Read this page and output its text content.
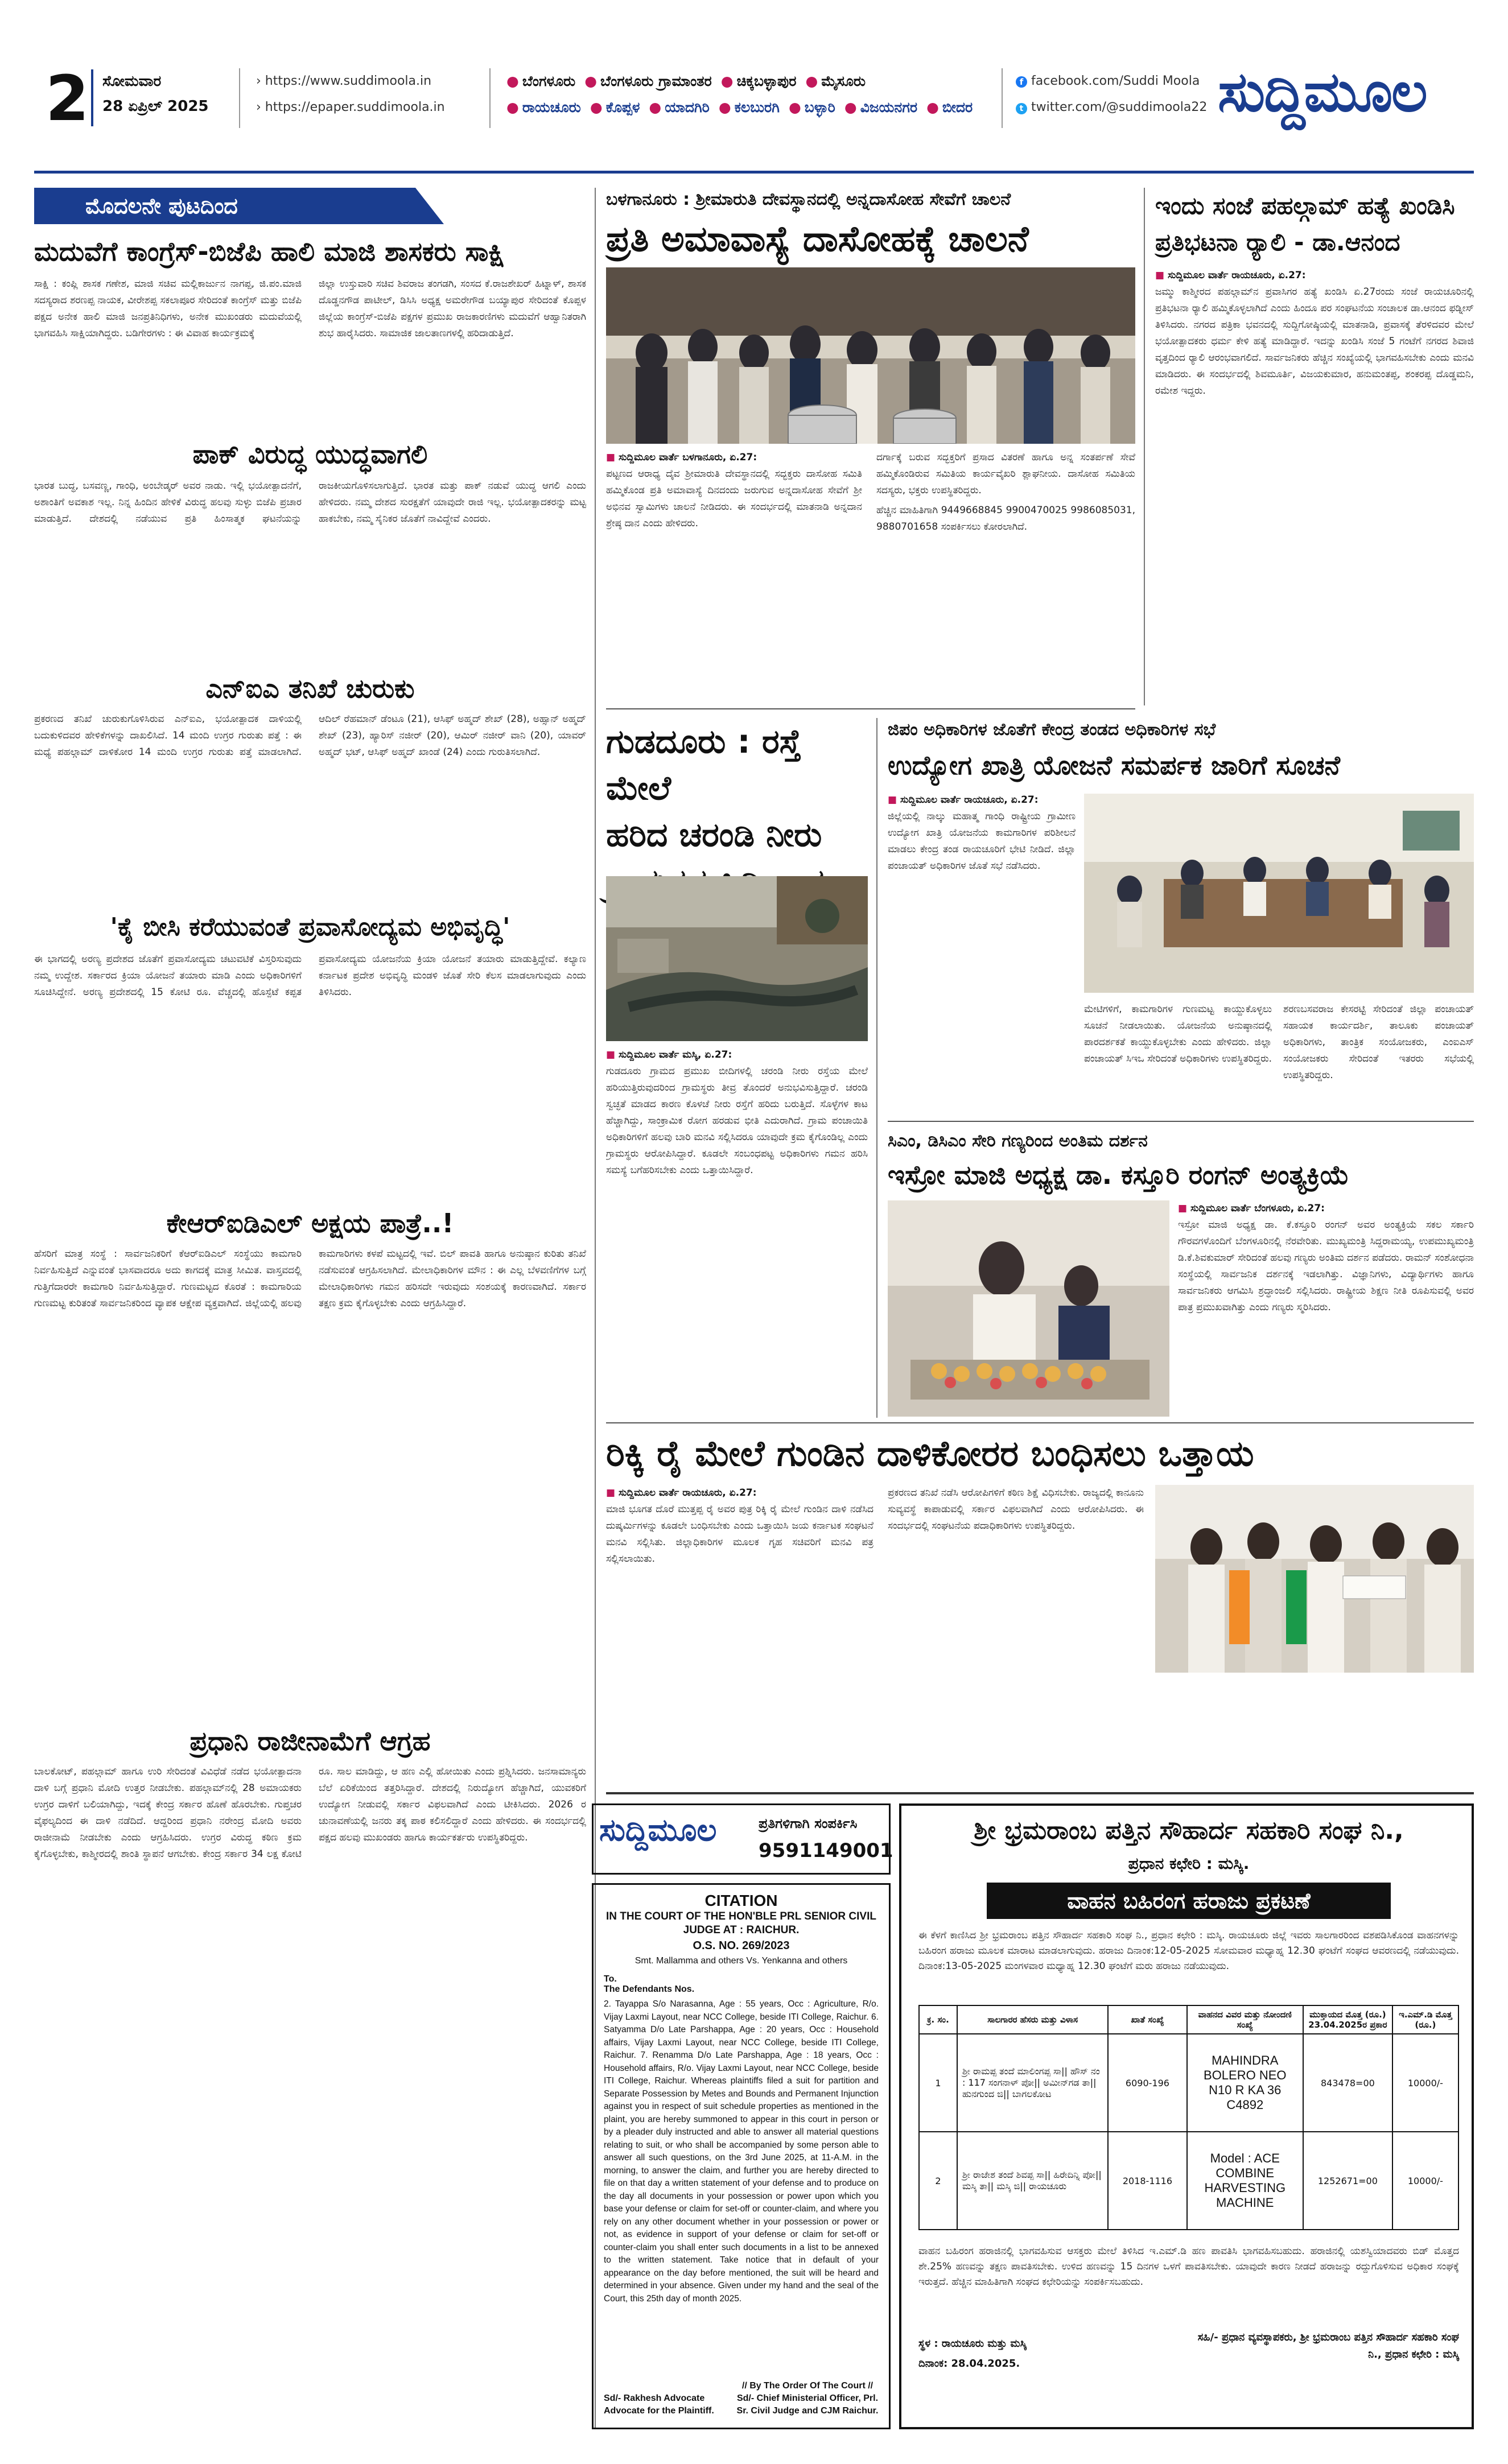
2 ಸೋಮವಾರ
28 ಏಪ್ರಿಲ್ 2025
› https://www.suddimoola.in
› https://epaper.suddimoola.in
● ಬೆಂಗಳೂರು ● ಬೆಂಗಳೂರು ಗ್ರಾಮಾಂತರ ● ಚಿಕ್ಕಬಳ್ಳಾಪುರ ● ಮೈಸೂರು
● ರಾಯಚೂರು ● ಕೊಪ್ಪಳ ● ಯಾದಗಿರಿ ● ಕಲಬುರಗಿ ● ಬಳ್ಳಾರಿ ● ವಿಜಯನಗರ ● ಬೀದರ
f facebook.com/Suddi Moola
t twitter.com/@suddimoola22 ಸುದ್ದಿಮೂಲ
ಮೊದಲನೇ ಪುಟದಿಂದ
ಮದುವೆಗೆ ಕಾಂಗ್ರೆಸ್-ಬಿಜೆಪಿ ಹಾಲಿ ಮಾಜಿ ಶಾಸಕರು ಸಾಕ್ಷಿ
ಸಾಕ್ಷಿ : ಕಂಪ್ಲಿ ಶಾಸಕ ಗಣೇಶ, ಮಾಜಿ ಸಚಿವ ಮಲ್ಲಿಕಾರ್ಜುನ ನಾಗಪ್ಪ, ಜಿ.ಪಂ.ಮಾಜಿ ಸದಸ್ಯರಾದ ಶರಣಪ್ಪ ನಾಯಕ, ವೀರೇಶಪ್ಪ ಸಕಲಾಪೂರ ಸೇರಿದಂತೆ ಕಾಂಗ್ರೆಸ್ ಮತ್ತು ಬಿಜೆಪಿ ಪಕ್ಷದ ಅನೇಕ ಹಾಲಿ ಮಾಜಿ ಜನಪ್ರತಿನಿಧಿಗಳು, ಅನೇಕ ಮುಖಂಡರು ಮದುವೆಯಲ್ಲಿ ಭಾಗವಹಿಸಿ ಸಾಕ್ಷಿಯಾಗಿದ್ದರು. ಬಡಿಗೇರಗಳು : ಈ ವಿವಾಹ ಕಾರ್ಯಕ್ರಮಕ್ಕೆ
ಜಿಲ್ಲಾ ಉಸ್ತುವಾರಿ ಸಚಿವ ಶಿವರಾಜ ತಂಗಡಗಿ, ಸಂಸದ ಕೆ.ರಾಜಶೇಖರ್ ಹಿಟ್ನಾಳ್, ಶಾಸಕ ದೊಡ್ಡನಗೌಡ ಪಾಟೀಲ್, ಡಿಸಿಸಿ ಅಧ್ಯಕ್ಷ ಅಮರೇಗೌಡ ಬಯ್ಯಾಪುರ ಸೇರಿದಂತೆ ಕೊಪ್ಪಳ ಜಿಲ್ಲೆಯ ಕಾಂಗ್ರೆಸ್-ಬಿಜೆಪಿ ಪಕ್ಷಗಳ ಪ್ರಮುಖ ರಾಜಕಾರಣಿಗಳು ಮದುವೆಗೆ ಆಹ್ವಾನಿತರಾಗಿ ಶುಭ ಹಾರೈಸಿದರು. ಸಾಮಾಜಿಕ ಜಾಲತಾಣಗಳಲ್ಲಿ ಹರಿದಾಡುತ್ತಿದೆ.
ಪಾಕ್ ವಿರುದ್ಧ ಯುದ್ಧವಾಗಲಿ
ಭಾರತ ಬುದ್ಧ, ಬಸವಣ್ಣ, ಗಾಂಧಿ, ಅಂಬೇಡ್ಕರ್ ಅವರ ನಾಡು. ಇಲ್ಲಿ ಭಯೋತ್ಪಾದನೆಗೆ, ಅಶಾಂತಿಗೆ ಅವಕಾಶ ಇಲ್ಲ. ನಿನ್ನ ಹಿಂದಿನ ಹೇಳಿಕೆ ವಿರುದ್ಧ ಹಲವು ಸುಳ್ಳು ಬಿಜೆಪಿ ಪ್ರಚಾರ ಮಾಡುತ್ತಿದೆ. ದೇಶದಲ್ಲಿ ನಡೆಯುವ ಪ್ರತಿ ಹಿಂಸಾತ್ಮಕ ಘಟನೆಯನ್ನು ರಾಜಕೀಯಗೊಳಿಸಲಾಗುತ್ತಿದೆ. ಭಾರತ ಮತ್ತು ಪಾಕ್ ನಡುವೆ ಯುದ್ಧ ಆಗಲಿ ಎಂದು ಹೇಳಿದರು. ನಮ್ಮ ದೇಶದ ಸುರಕ್ಷತೆಗೆ ಯಾವುದೇ ರಾಜಿ ಇಲ್ಲ. ಭಯೋತ್ಪಾದಕರನ್ನು ಮಟ್ಟ ಹಾಕಬೇಕು, ನಮ್ಮ ಸೈನಿಕರ ಜೊತೆಗೆ ನಾವಿದ್ದೇವೆ ಎಂದರು.
ಎನ್‌ಐಎ ತನಿಖೆ ಚುರುಕು
ಪ್ರಕರಣದ ತನಿಖೆ ಚುರುಕುಗೊಳಿಸಿರುವ ಎನ್‌ಐಎ, ಭಯೋತ್ಪಾದಕ ದಾಳಿಯಲ್ಲಿ ಬದುಕುಳಿದವರ ಹೇಳಿಕೆಗಳನ್ನು ದಾಖಲಿಸಿದೆ. 14 ಮಂದಿ ಉಗ್ರರ ಗುರುತು ಪತ್ತೆ : ಈ ಮಧ್ಯೆ ಪಹಲ್ಗಾಮ್ ದಾಳಿಕೋರ 14 ಮಂದಿ ಉಗ್ರರ ಗುರುತು ಪತ್ತೆ ಮಾಡಲಾಗಿದೆ. ಆದಿಲ್ ರೆಹಮಾನ್ ಡೆಂಟೂ (21), ಆಸಿಫ್ ಅಹ್ಮದ್ ಶೇಖ್ (28), ಅಹ್ಸಾನ್ ಅಹ್ಮದ್ ಶೇಖ್ (23), ಹ್ಯಾರಿಸ್ ನಜೀರ್ (20), ಆಮಿರ್ ನಜೀರ್ ವಾನಿ (20), ಯಾವರ್ ಅಹ್ಮದ್ ಭಟ್, ಆಸಿಫ್ ಅಹ್ಮದ್ ಖಾಂಡೆ (24) ಎಂದು ಗುರುತಿಸಲಾಗಿದೆ.
'ಕೈ ಬೀಸಿ ಕರೆಯುವಂತೆ ಪ್ರವಾಸೋದ್ಯಮ ಅಭಿವೃದ್ಧಿ'
ಈ ಭಾಗದಲ್ಲಿ ಅರಣ್ಯ ಪ್ರದೇಶದ ಜೊತೆಗೆ ಪ್ರವಾಸೋದ್ಯಮ ಚಟುವಟಿಕೆ ವಿಸ್ತರಿಸುವುದು ನಮ್ಮ ಉದ್ದೇಶ. ಸರ್ಕಾರದ ಕ್ರಿಯಾ ಯೋಜನೆ ತಯಾರು ಮಾಡಿ ಎಂದು ಅಧಿಕಾರಿಗಳಿಗೆ ಸೂಚಿಸಿದ್ದೇನೆ. ಅರಣ್ಯ ಪ್ರದೇಶದಲ್ಲಿ 15 ಕೋಟಿ ರೂ. ವೆಚ್ಚದಲ್ಲಿ ಹೊಸ್ಪೆಟೆ ಕಪ್ಪತ ಪ್ರವಾಸೋದ್ಯಮ ಯೋಜನೆಯ ಕ್ರಿಯಾ ಯೋಜನೆ ತಯಾರು ಮಾಡುತ್ತಿದ್ದೇವೆ. ಕಲ್ಯಾಣ ಕರ್ನಾಟಕ ಪ್ರದೇಶ ಅಭಿವೃದ್ಧಿ ಮಂಡಳಿ ಜೊತೆ ಸೇರಿ ಕೆಲಸ ಮಾಡಲಾಗುವುದು ಎಂದು ತಿಳಿಸಿದರು.
ಕೇಆರ್‌ಐಡಿಎಲ್ ಅಕ್ಷಯ ಪಾತ್ರೆ..!
ಹೆಸರಿಗೆ ಮಾತ್ರ ಸಂಸ್ಥೆ : ಸಾರ್ವಜನಿಕರಿಗೆ ಕೆಆರ್‌ಐಡಿಎಲ್ ಸಂಸ್ಥೆಯು ಕಾಮಗಾರಿ ನಿರ್ವಹಿಸುತ್ತಿದೆ ಎನ್ನುವಂತೆ ಭಾಸವಾದರೂ ಅದು ಕಾಗದಕ್ಕೆ ಮಾತ್ರ ಸೀಮಿತ. ವಾಸ್ತವದಲ್ಲಿ ಗುತ್ತಿಗೆದಾರರೇ ಕಾಮಗಾರಿ ನಿರ್ವಹಿಸುತ್ತಿದ್ದಾರೆ. ಗುಣಮಟ್ಟದ ಕೊರತೆ : ಕಾಮಗಾರಿಯ ಗುಣಮಟ್ಟ ಕುರಿತಂತೆ ಸಾರ್ವಜನಿಕರಿಂದ ವ್ಯಾಪಕ ಆಕ್ಷೇಪ ವ್ಯಕ್ತವಾಗಿದೆ. ಜಿಲ್ಲೆಯಲ್ಲಿ ಹಲವು ಕಾಮಗಾರಿಗಳು ಕಳಪೆ ಮಟ್ಟದಲ್ಲಿ ಇವೆ. ಬಿಲ್ ಪಾವತಿ ಹಾಗೂ ಅನುಷ್ಠಾನ ಕುರಿತು ತನಿಖೆ ನಡೆಸುವಂತೆ ಆಗ್ರಹಿಸಲಾಗಿದೆ. ಮೇಲಾಧಿಕಾರಿಗಳ ಮೌನ : ಈ ಎಲ್ಲ ಬೆಳವಣಿಗೆಗಳ ಬಗ್ಗೆ ಮೇಲಾಧಿಕಾರಿಗಳು ಗಮನ ಹರಿಸದೇ ಇರುವುದು ಸಂಶಯಕ್ಕೆ ಕಾರಣವಾಗಿದೆ. ಸರ್ಕಾರ ತಕ್ಷಣ ಕ್ರಮ ಕೈಗೊಳ್ಳಬೇಕು ಎಂದು ಆಗ್ರಹಿಸಿದ್ದಾರೆ.
ಪ್ರಧಾನಿ ರಾಜೀನಾಮೆಗೆ ಆಗ್ರಹ
ಬಾಲಕೋಟ್, ಪಹಲ್ಗಾಮ್ ಹಾಗೂ ಉರಿ ಸೇರಿದಂತೆ ವಿವಿಧೆಡೆ ನಡೆದ ಭಯೋತ್ಪಾದನಾ ದಾಳಿ ಬಗ್ಗೆ ಪ್ರಧಾನಿ ಮೋದಿ ಉತ್ತರ ನೀಡಬೇಕು. ಪಹಲ್ಗಾಮ್‌ನಲ್ಲಿ 28 ಅಮಾಯಕರು ಉಗ್ರರ ದಾಳಿಗೆ ಬಲಿಯಾಗಿದ್ದು, ಇದಕ್ಕೆ ಕೇಂದ್ರ ಸರ್ಕಾರ ಹೊಣೆ ಹೊರಬೇಕು. ಗುಪ್ತಚರ ವೈಫಲ್ಯದಿಂದ ಈ ದಾಳಿ ನಡೆದಿದೆ. ಆದ್ದರಿಂದ ಪ್ರಧಾನಿ ನರೇಂದ್ರ ಮೋದಿ ಅವರು ರಾಜೀನಾಮೆ ನೀಡಬೇಕು ಎಂದು ಆಗ್ರಹಿಸಿದರು. ಉಗ್ರರ ವಿರುದ್ಧ ಕಠಿಣ ಕ್ರಮ ಕೈಗೊಳ್ಳಬೇಕು, ಕಾಶ್ಮೀರದಲ್ಲಿ ಶಾಂತಿ ಸ್ಥಾಪನೆ ಆಗಬೇಕು. ಕೇಂದ್ರ ಸರ್ಕಾರ 34 ಲಕ್ಷ ಕೋಟಿ ರೂ. ಸಾಲ ಮಾಡಿದ್ದು, ಆ ಹಣ ಎಲ್ಲಿ ಹೋಯಿತು ಎಂದು ಪ್ರಶ್ನಿಸಿದರು. ಜನಸಾಮಾನ್ಯರು ಬೆಲೆ ಏರಿಕೆಯಿಂದ ತತ್ತರಿಸಿದ್ದಾರೆ. ದೇಶದಲ್ಲಿ ನಿರುದ್ಯೋಗ ಹೆಚ್ಚಾಗಿದೆ, ಯುವಕರಿಗೆ ಉದ್ಯೋಗ ನೀಡುವಲ್ಲಿ ಸರ್ಕಾರ ವಿಫಲವಾಗಿದೆ ಎಂದು ಟೀಕಿಸಿದರು. 2026 ರ ಚುನಾವಣೆಯಲ್ಲಿ ಜನರು ತಕ್ಕ ಪಾಠ ಕಲಿಸಲಿದ್ದಾರೆ ಎಂದು ಹೇಳಿದರು. ಈ ಸಂದರ್ಭದಲ್ಲಿ ಪಕ್ಷದ ಹಲವು ಮುಖಂಡರು ಹಾಗೂ ಕಾರ್ಯಕರ್ತರು ಉಪಸ್ಥಿತರಿದ್ದರು.
ಬಳಗಾನೂರು : ಶ್ರೀಮಾರುತಿ ದೇವಸ್ಥಾನದಲ್ಲಿ ಅನ್ನದಾಸೋಹ ಸೇವೆಗೆ ಚಾಲನೆ
ಪ್ರತಿ ಅಮಾವಾಸ್ಯೆ ದಾಸೋಹಕ್ಕೆ ಚಾಲನೆ
■ ಸುದ್ದಿಮೂಲ ವಾರ್ತೆ ಬಳಗಾನೂರು, ಏ.27:
ಪಟ್ಟಣದ ಆರಾಧ್ಯ ದೈವ ಶ್ರೀಮಾರುತಿ ದೇವಸ್ಥಾನದಲ್ಲಿ ಸದ್ಭಕ್ತರು ದಾಸೋಹ ಸಮಿತಿ ಹಮ್ಮಿಕೊಂಡ ಪ್ರತಿ ಅಮಾವಾಸ್ಯೆ ದಿನದಂದು ಜರುಗುವ ಅನ್ನದಾಸೋಹ ಸೇವೆಗೆ ಶ್ರೀ ಅಭಿನವ ಸ್ವಾಮಿಗಳು ಚಾಲನೆ ನೀಡಿದರು. ಈ ಸಂದರ್ಭದಲ್ಲಿ ಮಾತನಾಡಿ ಅನ್ನದಾನ ಶ್ರೇಷ್ಠ ದಾನ ಎಂದು ಹೇಳಿದರು.
ದರ್ಗಾಕ್ಕೆ ಬರುವ ಸದ್ಭಕ್ತರಿಗೆ ಪ್ರಸಾದ ವಿತರಣೆ ಹಾಗೂ ಅನ್ನ ಸಂತರ್ಪಣೆ ಸೇವೆ ಹಮ್ಮಿಕೊಂಡಿರುವ ಸಮಿತಿಯ ಕಾರ್ಯವೈಖರಿ ಶ್ಲಾಘನೀಯ. ದಾಸೋಹ ಸಮಿತಿಯ ಸದಸ್ಯರು, ಭಕ್ತರು ಉಪಸ್ಥಿತರಿದ್ದರು.
ಹೆಚ್ಚಿನ ಮಾಹಿತಿಗಾಗಿ 9449668845 9900470025 9986085031, 9880701658 ಸಂಪರ್ಕಿಸಲು ಕೋರಲಾಗಿದೆ.
ಗುಡದೂರು : ರಸ್ತೆ ಮೇಲೆ
ಹರಿದ ಚರಂಡಿ ನೀರು
■ ಸುದ್ದಿಮೂಲ ವಾರ್ತೆ ಮಸ್ಕಿ, ಏ.27:
ಗುಡದೂರು ಗ್ರಾಮದ ಪ್ರಮುಖ ಬೀದಿಗಳಲ್ಲಿ ಚರಂಡಿ ನೀರು ರಸ್ತೆಯ ಮೇಲೆ ಹರಿಯುತ್ತಿರುವುದರಿಂದ ಗ್ರಾಮಸ್ಥರು ತೀವ್ರ ತೊಂದರೆ ಅನುಭವಿಸುತ್ತಿದ್ದಾರೆ. ಚರಂಡಿ ಸ್ವಚ್ಛತೆ ಮಾಡದ ಕಾರಣ ಕೊಳಚೆ ನೀರು ರಸ್ತೆಗೆ ಹರಿದು ಬರುತ್ತಿದೆ. ಸೊಳ್ಳೆಗಳ ಕಾಟ ಹೆಚ್ಚಾಗಿದ್ದು, ಸಾಂಕ್ರಾಮಿಕ ರೋಗ ಹರಡುವ ಭೀತಿ ಎದುರಾಗಿದೆ. ಗ್ರಾಮ ಪಂಚಾಯಿತಿ ಅಧಿಕಾರಿಗಳಿಗೆ ಹಲವು ಬಾರಿ ಮನವಿ ಸಲ್ಲಿಸಿದರೂ ಯಾವುದೇ ಕ್ರಮ ಕೈಗೊಂಡಿಲ್ಲ ಎಂದು ಗ್ರಾಮಸ್ಥರು ಆರೋಪಿಸಿದ್ದಾರೆ. ಕೂಡಲೇ ಸಂಬಂಧಪಟ್ಟ ಅಧಿಕಾರಿಗಳು ಗಮನ ಹರಿಸಿ ಸಮಸ್ಯೆ ಬಗೆಹರಿಸಬೇಕು ಎಂದು ಒತ್ತಾಯಿಸಿದ್ದಾರೆ.
ಇಂದು ಸಂಜೆ ಪಹಲ್ಗಾಮ್ ಹತ್ಯೆ ಖಂಡಿಸಿ
ಪ್ರತಿಭಟನಾ ರ‍್ಯಾಲಿ - ಡಾ.ಆನಂದ
■ ಸುದ್ದಿಮೂಲ ವಾರ್ತೆ ರಾಯಚೂರು, ಏ.27:
ಜಮ್ಮು ಕಾಶ್ಮೀರದ ಪಹಲ್ಗಾಮ್‌ನ ಪ್ರವಾಸಿಗರ ಹತ್ಯೆ ಖಂಡಿಸಿ ಏ.27ರಂದು ಸಂಜೆ ರಾಯಚೂರಿನಲ್ಲಿ ಪ್ರತಿಭಟನಾ ರ‍್ಯಾಲಿ ಹಮ್ಮಿಕೊಳ್ಳಲಾಗಿದೆ ಎಂದು ಹಿಂದೂ ಪರ ಸಂಘಟನೆಯ ಸಂಚಾಲಕ ಡಾ.ಆನಂದ ಫಡ್ನೀಸ್ ತಿಳಿಸಿದರು. ನಗರದ ಪತ್ರಿಕಾ ಭವನದಲ್ಲಿ ಸುದ್ದಿಗೋಷ್ಠಿಯಲ್ಲಿ ಮಾತನಾಡಿ, ಪ್ರವಾಸಕ್ಕೆ ತೆರಳಿದವರ ಮೇಲೆ ಭಯೋತ್ಪಾದಕರು ಧರ್ಮ ಕೇಳಿ ಹತ್ಯೆ ಮಾಡಿದ್ದಾರೆ. ಇದನ್ನು ಖಂಡಿಸಿ ಸಂಜೆ 5 ಗಂಟೆಗೆ ನಗರದ ಶಿವಾಜಿ ವೃತ್ತದಿಂದ ರ‍್ಯಾಲಿ ಆರಂಭವಾಗಲಿದೆ. ಸಾರ್ವಜನಿಕರು ಹೆಚ್ಚಿನ ಸಂಖ್ಯೆಯಲ್ಲಿ ಭಾಗವಹಿಸಬೇಕು ಎಂದು ಮನವಿ ಮಾಡಿದರು. ಈ ಸಂದರ್ಭದಲ್ಲಿ ಶಿವಮೂರ್ತಿ, ವಿಜಯಕುಮಾರ, ಹನುಮಂತಪ್ಪ, ಶಂಕರಪ್ಪ ದೊಡ್ಡಮನಿ, ರಮೇಶ ಇದ್ದರು.
ಜಿಪಂ ಅಧಿಕಾರಿಗಳ ಜೊತೆಗೆ ಕೇಂದ್ರ ತಂಡದ ಅಧಿಕಾರಿಗಳ ಸಭೆ
ಉದ್ಯೋಗ ಖಾತ್ರಿ ಯೋಜನೆ ಸಮರ್ಪಕ ಜಾರಿಗೆ ಸೂಚನೆ
■ ಸುದ್ದಿಮೂಲ ವಾರ್ತೆ ರಾಯಚೂರು, ಏ.27:
ಜಿಲ್ಲೆಯಲ್ಲಿ ನಾಲ್ಕು ಮಹಾತ್ಮ ಗಾಂಧಿ ರಾಷ್ಟ್ರೀಯ ಗ್ರಾಮೀಣ ಉದ್ಯೋಗ ಖಾತ್ರಿ ಯೋಜನೆಯ ಕಾಮಗಾರಿಗಳ ಪರಿಶೀಲನೆ ಮಾಡಲು ಕೇಂದ್ರ ತಂಡ ರಾಯಚೂರಿಗೆ ಭೇಟಿ ನೀಡಿದೆ. ಜಿಲ್ಲಾ ಪಂಚಾಯತ್ ಅಧಿಕಾರಿಗಳ ಜೊತೆ ಸಭೆ ನಡೆಸಿದರು.
ಮೇಟಿಗಳಿಗೆ, ಕಾಮಗಾರಿಗಳ ಗುಣಮಟ್ಟ ಕಾಯ್ದುಕೊಳ್ಳಲು ಸೂಚನೆ ನೀಡಲಾಯಿತು. ಯೋಜನೆಯ ಅನುಷ್ಠಾನದಲ್ಲಿ ಪಾರದರ್ಶಕತೆ ಕಾಯ್ದುಕೊಳ್ಳಬೇಕು ಎಂದು ಹೇಳಿದರು. ಜಿಲ್ಲಾ ಪಂಚಾಯತ್ ಸಿಇಒ ಸೇರಿದಂತೆ ಅಧಿಕಾರಿಗಳು ಉಪಸ್ಥಿತರಿದ್ದರು.
ಶರಣಬಸವರಾಜ ಕೇಸರಟ್ಟಿ ಸೇರಿದಂತೆ ಜಿಲ್ಲಾ ಪಂಚಾಯತ್ ಸಹಾಯಕ ಕಾರ್ಯದರ್ಶಿ, ತಾಲೂಕು ಪಂಚಾಯತ್ ಅಧಿಕಾರಿಗಳು, ತಾಂತ್ರಿಕ ಸಂಯೋಜಕರು, ಎಂಐಎಸ್ ಸಂಯೋಜಕರು ಸೇರಿದಂತೆ ಇತರರು ಸಭೆಯಲ್ಲಿ ಉಪಸ್ಥಿತರಿದ್ದರು.
ಸಿಎಂ, ಡಿಸಿಎಂ ಸೇರಿ ಗಣ್ಯರಿಂದ ಅಂತಿಮ ದರ್ಶನ
ಇಸ್ರೋ ಮಾಜಿ ಅಧ್ಯಕ್ಷ ಡಾ. ಕಸ್ತೂರಿ ರಂಗನ್ ಅಂತ್ಯಕ್ರಿಯೆ
■ ಸುದ್ದಿಮೂಲ ವಾರ್ತೆ ಬೆಂಗಳೂರು, ಏ.27:
ಇಸ್ರೋ ಮಾಜಿ ಅಧ್ಯಕ್ಷ ಡಾ. ಕೆ.ಕಸ್ತೂರಿ ರಂಗನ್ ಅವರ ಅಂತ್ಯಕ್ರಿಯೆ ಸಕಲ ಸರ್ಕಾರಿ ಗೌರವಗಳೊಂದಿಗೆ ಬೆಂಗಳೂರಿನಲ್ಲಿ ನೆರವೇರಿತು. ಮುಖ್ಯಮಂತ್ರಿ ಸಿದ್ದರಾಮಯ್ಯ, ಉಪಮುಖ್ಯಮಂತ್ರಿ ಡಿ.ಕೆ.ಶಿವಕುಮಾರ್ ಸೇರಿದಂತೆ ಹಲವು ಗಣ್ಯರು ಅಂತಿಮ ದರ್ಶನ ಪಡೆದರು. ರಾಮನ್ ಸಂಶೋಧನಾ ಸಂಸ್ಥೆಯಲ್ಲಿ ಸಾರ್ವಜನಿಕ ದರ್ಶನಕ್ಕೆ ಇಡಲಾಗಿತ್ತು. ವಿಜ್ಞಾನಿಗಳು, ವಿದ್ಯಾರ್ಥಿಗಳು ಹಾಗೂ ಸಾರ್ವಜನಿಕರು ಆಗಮಿಸಿ ಶ್ರದ್ಧಾಂಜಲಿ ಸಲ್ಲಿಸಿದರು. ರಾಷ್ಟ್ರೀಯ ಶಿಕ್ಷಣ ನೀತಿ ರೂಪಿಸುವಲ್ಲಿ ಅವರ ಪಾತ್ರ ಪ್ರಮುಖವಾಗಿತ್ತು ಎಂದು ಗಣ್ಯರು ಸ್ಮರಿಸಿದರು.
ರಿಕ್ಕಿ ರೈ ಮೇಲೆ ಗುಂಡಿನ ದಾಳಿಕೋರರ ಬಂಧಿಸಲು ಒತ್ತಾಯ
■ ಸುದ್ದಿಮೂಲ ವಾರ್ತೆ ರಾಯಚೂರು, ಏ.27:
ಮಾಜಿ ಭೂಗತ ದೊರೆ ಮುತ್ತಪ್ಪ ರೈ ಅವರ ಪುತ್ರ ರಿಕ್ಕಿ ರೈ ಮೇಲೆ ಗುಂಡಿನ ದಾಳಿ ನಡೆಸಿದ ದುಷ್ಕರ್ಮಿಗಳನ್ನು ಕೂಡಲೇ ಬಂಧಿಸಬೇಕು ಎಂದು ಒತ್ತಾಯಿಸಿ ಜಯ ಕರ್ನಾಟಕ ಸಂಘಟನೆ ಮನವಿ ಸಲ್ಲಿಸಿತು. ಜಿಲ್ಲಾಧಿಕಾರಿಗಳ ಮೂಲಕ ಗೃಹ ಸಚಿವರಿಗೆ ಮನವಿ ಪತ್ರ ಸಲ್ಲಿಸಲಾಯಿತು.
ಪ್ರಕರಣದ ತನಿಖೆ ನಡೆಸಿ ಆರೋಪಿಗಳಿಗೆ ಕಠಿಣ ಶಿಕ್ಷೆ ವಿಧಿಸಬೇಕು. ರಾಜ್ಯದಲ್ಲಿ ಕಾನೂನು ಸುವ್ಯವಸ್ಥೆ ಕಾಪಾಡುವಲ್ಲಿ ಸರ್ಕಾರ ವಿಫಲವಾಗಿದೆ ಎಂದು ಆರೋಪಿಸಿದರು. ಈ ಸಂದರ್ಭದಲ್ಲಿ ಸಂಘಟನೆಯ ಪದಾಧಿಕಾರಿಗಳು ಉಪಸ್ಥಿತರಿದ್ದರು.
ಸುದ್ದಿಮೂಲ	ಪ್ರತಿಗಳಿಗಾಗಿ ಸಂಪರ್ಕಿಸಿ
9591149001
CITATION
IN THE COURT OF THE HON'BLE PRL SENIOR CIVIL JUDGE AT : RAICHUR.
O.S. NO. 269/2023
Smt. Mallamma and others Vs. Yenkanna and others
To.
The Defendants Nos.
2. Tayappa S/o Narasanna, Age : 55 years, Occ : Agriculture, R/o. Vijay Laxmi Layout, near NCC College, beside ITI College, Raichur. 6. Satyamma D/o Late Parshappa, Age : 20 years, Occ : Household affairs, Vijay Laxmi Layout, near NCC College, beside ITI College, Raichur. 7. Renamma D/o Late Parshappa, Age : 18 years, Occ : Household affairs, R/o. Vijay Laxmi Layout, near NCC College, beside ITI College, Raichur. Whereas plaintiffs filed a suit for partition and Separate Possession by Metes and Bounds and Permanent Injunction against you in respect of suit schedule properties as mentioned in the plaint, you are hereby summoned to appear in this court in person or by a pleader duly instructed and able to answer all material questions relating to suit, or who shall be accompanied by some person able to answer all such questions, on the 3rd June 2025, at 11-A.M. in the morning, to answer the claim, and further you are hereby directed to file on that day a written statement of your defense and to produce on the day all documents in your possession or power upon which you base your defense or claim for set-off or counter-claim, and where you rely on any other document whether in your possession or power or not, as evidence in support of your defense or claim for set-off or counter-claim you shall enter such documents in a list to be annexed to the written statement. Take notice that in default of your appearance on the day before mentioned, the suit will be heard and determined in your absence. Given under my hand and the seal of the Court, this 25th day of month 2025.
Sd/- Rakhesh Advocate Advocate for the Plaintiff.
// By The Order Of The Court // Sd/- Chief Ministerial Officer, Prl. Sr. Civil Judge and CJM Raichur.
ಶ್ರೀ ಭ್ರಮರಾಂಬ ಪತ್ತಿನ ಸೌಹಾರ್ದ ಸಹಕಾರಿ ಸಂಘ ನಿ.,
ಪ್ರಧಾನ ಕಛೇರಿ : ಮಸ್ಕಿ.
ವಾಹನ ಬಹಿರಂಗ ಹರಾಜು ಪ್ರಕಟಣೆ
ಈ ಕೆಳಗೆ ಕಾಣಿಸಿದ ಶ್ರೀ ಭ್ರಮರಾಂಬ ಪತ್ತಿನ ಸೌಹಾರ್ದ ಸಹಕಾರಿ ಸಂಘ ನಿ., ಪ್ರಧಾನ ಕಛೇರಿ : ಮಸ್ಕಿ. ರಾಯಚೂರು ಜಿಲ್ಲೆ ಇವರು ಸಾಲಗಾರರಿಂದ ವಶಪಡಿಸಿಕೊಂಡ ವಾಹನಗಳನ್ನು ಬಹಿರಂಗ ಹರಾಜು ಮೂಲಕ ಮಾರಾಟ ಮಾಡಲಾಗುವುದು. ಹರಾಜು ದಿನಾಂಕ:12-05-2025 ಸೋಮವಾರ ಮಧ್ಯಾಹ್ನ 12.30 ಘಂಟೆಗೆ ಸಂಘದ ಆವರಣದಲ್ಲಿ ನಡೆಯುವುದು. ದಿನಾಂಕ:13-05-2025 ಮಂಗಳವಾರ ಮಧ್ಯಾಹ್ನ 12.30 ಘಂಟೆಗೆ ಮರು ಹರಾಜು ನಡೆಯುವುದು.
ಕ್ರ. ಸಂ.	ಸಾಲಗಾರರ ಹೆಸರು ಮತ್ತು ವಿಳಾಸ	ಖಾತೆ ಸಂಖ್ಯೆ	ವಾಹನದ ವಿವರ ಮತ್ತು ನೋಂದಣಿ ಸಂಖ್ಯೆ	ಮುಕ್ತಾಯದ ಮೊತ್ತ (ರೂ.) 23.04.2025ರ ಪ್ರಕಾರ	ಇ.ಎಮ್.ಡಿ ಮೊತ್ತ (ರೂ.)
1	ಶ್ರೀ ರಾಮಪ್ಪ ತಂದೆ ಮಾಲಿಂಗಪ್ಪ ಸಾ|| ಹೌಸ್ ನಂ : 117 ಸಂಗನಾಳ್ ಪೋ|| ಅಮೀನ್‌ಗಡ ತಾ|| ಹುನಗುಂದ ಜಿ|| ಬಾಗಲಕೋಟ	6090-196	MAHINDRA BOLERO NEO N10 R KA 36 C4892	843478=00	10000/-
2	ಶ್ರೀ ರಾಜೇಶ ತಂದೆ ಶಿವಪ್ಪ ಸಾ|| ಹಿರೇದಿನ್ನಿ ಪೋ|| ಮಸ್ಕಿ ತಾ|| ಮಸ್ಕಿ ಜಿ|| ರಾಯಚೂರು	2018-1116	Model : ACE COMBINE HARVESTING MACHINE	1252671=00	10000/-
ವಾಹನ ಬಹಿರಂಗ ಹರಾಜಿನಲ್ಲಿ ಭಾಗವಹಿಸುವ ಆಸಕ್ತರು ಮೇಲೆ ತಿಳಿಸಿದ ಇ.ಎಮ್.ಡಿ ಹಣ ಪಾವತಿಸಿ ಭಾಗವಹಿಸಬಹುದು. ಹರಾಜಿನಲ್ಲಿ ಯಶಸ್ವಿಯಾದವರು ಬಿಡ್ ಮೊತ್ತದ ಶೇ.25% ಹಣವನ್ನು ತಕ್ಷಣ ಪಾವತಿಸಬೇಕು. ಉಳಿದ ಹಣವನ್ನು 15 ದಿನಗಳ ಒಳಗೆ ಪಾವತಿಸಬೇಕು. ಯಾವುದೇ ಕಾರಣ ನೀಡದೆ ಹರಾಜನ್ನು ರದ್ದುಗೊಳಿಸುವ ಅಧಿಕಾರ ಸಂಘಕ್ಕೆ ಇರುತ್ತದೆ. ಹೆಚ್ಚಿನ ಮಾಹಿತಿಗಾಗಿ ಸಂಘದ ಕಛೇರಿಯನ್ನು ಸಂಪರ್ಕಿಸಬಹುದು.
ಸ್ಥಳ : ರಾಯಚೂರು ಮತ್ತು ಮಸ್ಕಿ
ದಿನಾಂಕ: 28.04.2025.
ಸಹಿ/- ಪ್ರಧಾನ ವ್ಯವಸ್ಥಾಪಕರು, ಶ್ರೀ ಭ್ರಮರಾಂಬ ಪತ್ತಿನ ಸೌಹಾರ್ದ ಸಹಕಾರಿ ಸಂಘ ನಿ., ಪ್ರಧಾನ ಕಛೇರಿ : ಮಸ್ಕಿ
